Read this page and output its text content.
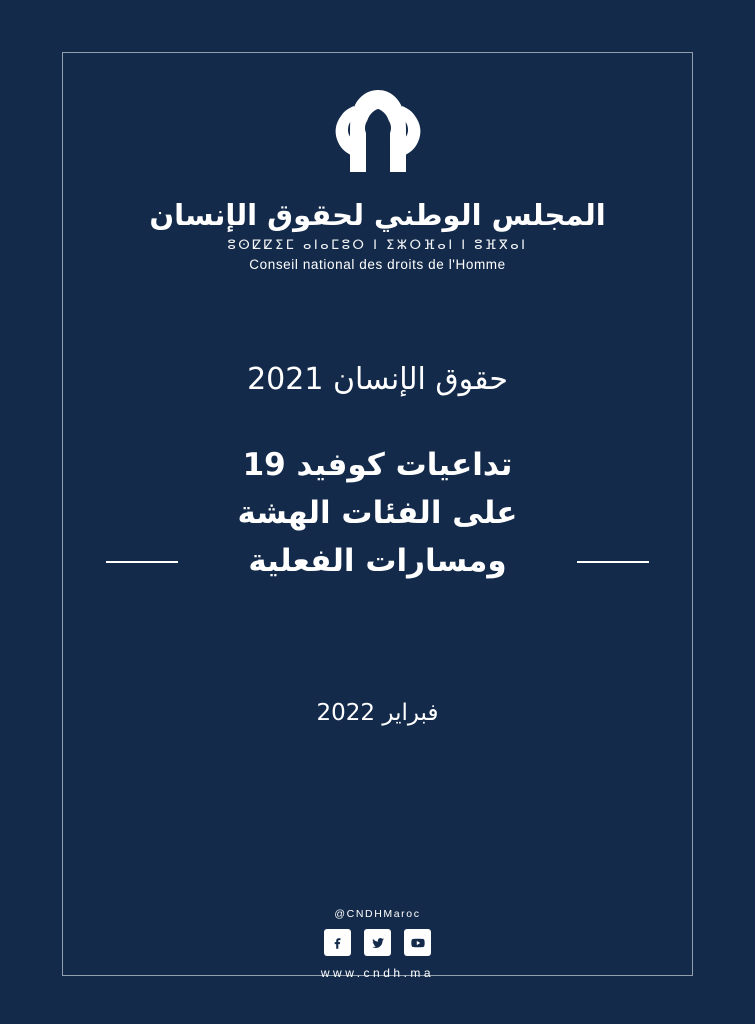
المجلس الوطني لحقوق الإنسان
ⵓⵙⵇⵇⵉⵎ ⴰⵏⴰⵎⵓⵔ ⵏ ⵉⵣⵔⴼⴰⵏ ⵏ ⵓⴼⴳⴰⵏ
Conseil national des droits de l'Homme
حقوق الإنسان 2021
تداعيات كوفيد 19
على الفئات الهشة
ومسارات الفعلية
فبراير 2022
@CNDHMaroc
www.cndh.ma
